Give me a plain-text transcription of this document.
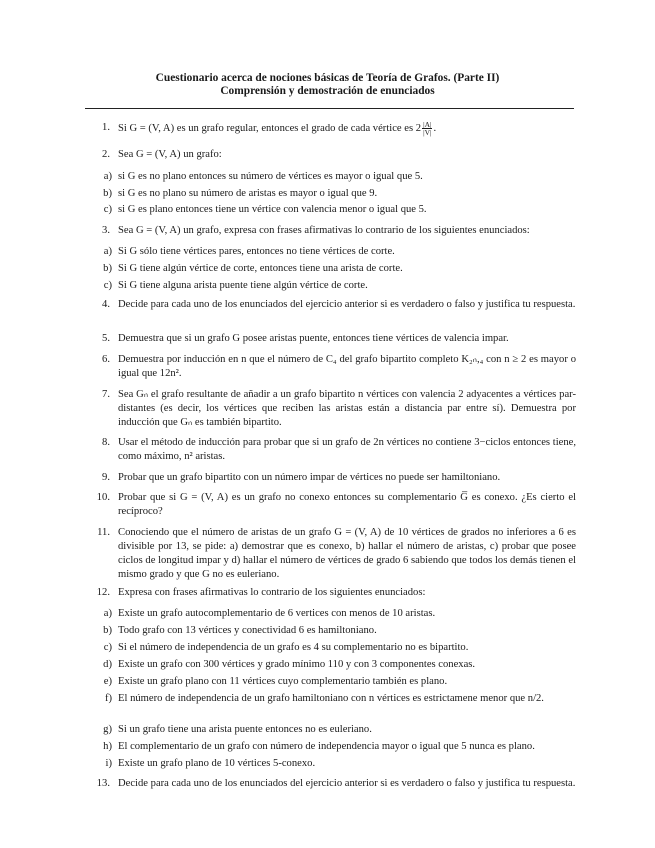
Cuestionario acerca de nociones básicas de Teoría de Grafos. (Parte II)
Comprensión y demostración de enunciados
1. Si G = (V, A) es un grafo regular, entonces el grado de cada vértice es $2 \frac{|A|}{|V|}$ .
2. Sea G = (V, A) un grafo:
a) si G es no plano entonces su número de vértices es mayor o igual que 5.
b) si G es no plano su número de aristas es mayor o igual que 9.
c) si G es plano entonces tiene un vértice con valencia menor o igual que 5.
3. Sea G = (V, A) un grafo, expresa con frases afirmativas lo contrario de los siguientes enunciados:
a) Si G sólo tiene vértices pares, entonces no tiene vértices de corte.
b) Si G tiene algún vértice de corte, entonces tiene una arista de corte.
c) Si G tiene alguna arista puente tiene algún vértice de corte.
4. Decide para cada uno de los enunciados del ejercicio anterior si es verdadero o falso y justifica tu respuesta.
5. Demuestra que si un grafo G posee aristas puente, entonces tiene vértices de valencia impar.
6. Demuestra por inducción en n que el número de C₄ del grafo bipartito completo K₂ₙ,₄ con n ≥ 2 es mayor o igual que 12n².
7. Sea Gₙ el grafo resultante de añadir a un grafo bipartito n vértices con valencia 2 adyacentes a vértices par-distantes (es decir, los vértices que reciben las aristas están a distancia par entre sí). Demuestra por inducción que Gₙ es también bipartito.
8. Usar el método de inducción para probar que si un grafo de 2n vértices no contiene 3−ciclos entonces tiene, como máximo, n² aristas.
9. Probar que un grafo bipartito con un número impar de vértices no puede ser hamiltoniano.
10. Probar que si G = (V, A) es un grafo no conexo entonces su complementario G̅ es conexo. ¿Es cierto el recíproco?
11. Conociendo que el número de aristas de un grafo G = (V, A) de 10 vértices de grados no inferiores a 6 es divisible por 13, se pide: a) demostrar que es conexo, b) hallar el número de aristas, c) probar que posee ciclos de longitud impar y d) hallar el número de vértices de grado 6 sabiendo que todos los demás tienen el mismo grado y que G no es euleriano.
12. Expresa con frases afirmativas lo contrario de los siguientes enunciados:
a) Existe un grafo autocomplementario de 6 vertices con menos de 10 aristas.
b) Todo grafo con 13 vértices y conectividad 6 es hamiltoniano.
c) Si el número de independencia de un grafo es 4 su complementario no es bipartito.
d) Existe un grafo con 300 vértices y grado mínimo 110 y con 3 componentes conexas.
e) Existe un grafo plano con 11 vértices cuyo complementario también es plano.
f) El número de independencia de un grafo hamiltoniano con n vértices es estrictamene menor que n/2.
g) Si un grafo tiene una arista puente entonces no es euleriano.
h) El complementario de un grafo con número de independencia mayor o igual que 5 nunca es plano.
i) Existe un grafo plano de 10 vértices 5-conexo.
13. Decide para cada uno de los enunciados del ejercicio anterior si es verdadero o falso y justifica tu respuesta.
